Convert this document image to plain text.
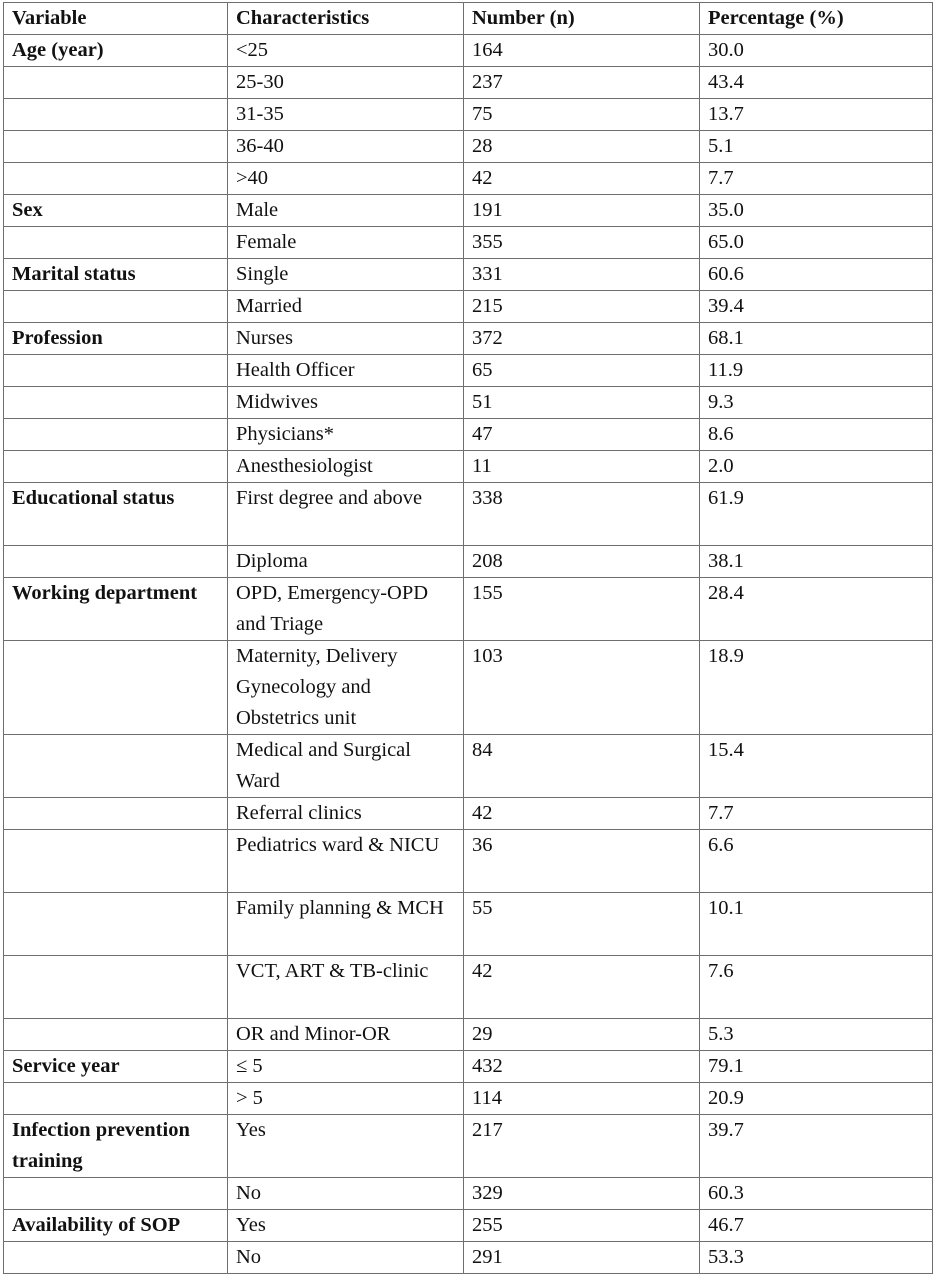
Variable	Characteristics	Number (n)	Percentage (%)
Age (year)	<25	164	30.0
	25-30	237	43.4
	31-35	75	13.7
	36-40	28	5.1
	>40	42	7.7
Sex	Male	191	35.0
	Female	355	65.0
Marital status	Single	331	60.6
	Married	215	39.4
Profession	Nurses	372	68.1
	Health Officer	65	11.9
	Midwives	51	9.3
	Physicians*	47	8.6
	Anesthesiologist	11	2.0
Educational status	First degree and above	338	61.9
	Diploma	208	38.1
Working department	OPD, Emergency-OPD and Triage	155	28.4
	Maternity, Delivery Gynecology and Obstetrics unit	103	18.9
	Medical and Surgical Ward	84	15.4
	Referral clinics	42	7.7
	Pediatrics ward & NICU	36	6.6
	Family planning & MCH	55	10.1
	VCT, ART & TB-clinic	42	7.6
	OR and Minor-OR	29	5.3
Service year	≤ 5	432	79.1
	> 5	114	20.9
Infection prevention training	Yes	217	39.7
	No	329	60.3
Availability of SOP	Yes	255	46.7
	No	291	53.3
